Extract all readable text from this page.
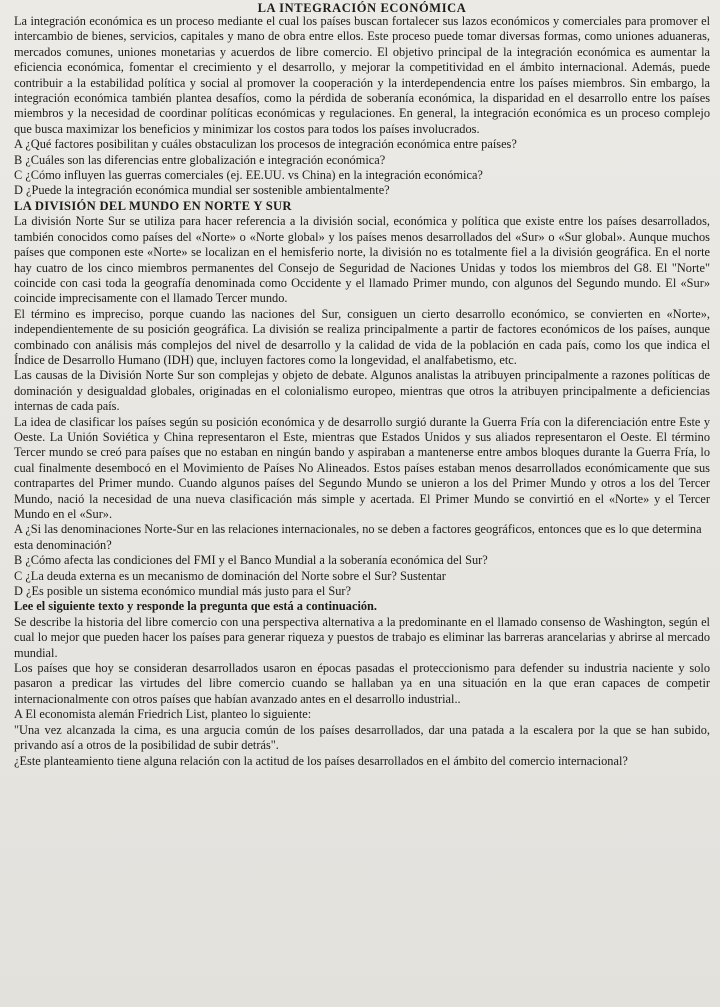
LA INTEGRACIÓN ECONÓMICA

La integración económica es un proceso mediante el cual los países buscan fortalecer sus lazos económicos y comerciales para promover el intercambio de bienes, servicios, capitales y mano de obra entre ellos. Este proceso puede tomar diversas formas, como uniones aduaneras, mercados comunes, uniones monetarias y acuerdos de libre comercio. El objetivo principal de la integración económica es aumentar la eficiencia económica, fomentar el crecimiento y el desarrollo, y mejorar la competitividad en el ámbito internacional. Además, puede contribuir a la estabilidad política y social al promover la cooperación y la interdependencia entre los países miembros. Sin embargo, la integración económica también plantea desafíos, como la pérdida de soberanía económica, la disparidad en el desarrollo entre los países miembros y la necesidad de coordinar políticas económicas y regulaciones. En general, la integración económica es un proceso complejo que busca maximizar los beneficios y minimizar los costos para todos los países involucrados.

A ¿Qué factores posibilitan y cuáles obstaculizan los procesos de integración económica entre países?
B ¿Cuáles son las diferencias entre globalización e integración económica?
C ¿Cómo influyen las guerras comerciales (ej. EE.UU. vs China) en la integración económica?
D ¿Puede la integración económica mundial ser sostenible ambientalmente?
LA DIVISIÓN DEL MUNDO EN NORTE Y SUR

La división Norte Sur se utiliza para hacer referencia a la división social, económica y política que existe entre los países desarrollados, también conocidos como países del «Norte» o «Norte global» y los países menos desarrollados del «Sur» o «Sur global». Aunque muchos países que componen este «Norte» se localizan en el hemisferio norte, la división no es totalmente fiel a la división geográfica. En el norte hay cuatro de los cinco miembros permanentes del Consejo de Seguridad de Naciones Unidas y todos los miembros del G8. El "Norte" coincide con casi toda la geografía denominada como Occidente y el llamado Primer mundo, con algunos del Segundo mundo. El «Sur» coincide imprecisamente con el llamado Tercer mundo.

El término es impreciso, porque cuando las naciones del Sur, consiguen un cierto desarrollo económico, se convierten en «Norte», independientemente de su posición geográfica. La división se realiza principalmente a partir de factores económicos de los países, aunque combinado con análisis más complejos del nivel de desarrollo y la calidad de vida de la población en cada país, como los que indica el Índice de Desarrollo Humano (IDH) que, incluyen factores como la longevidad, el analfabetismo, etc.

Las causas de la División Norte Sur son complejas y objeto de debate. Algunos analistas la atribuyen principalmente a razones políticas de dominación y desigualdad globales, originadas en el colonialismo europeo, mientras que otros la atribuyen principalmente a deficiencias internas de cada país.

La idea de clasificar los países según su posición económica y de desarrollo surgió durante la Guerra Fría con la diferenciación entre Este y Oeste. La Unión Soviética y China representaron el Este, mientras que Estados Unidos y sus aliados representaron el Oeste. El término Tercer mundo se creó para países que no estaban en ningún bando y aspiraban a mantenerse entre ambos bloques durante la Guerra Fría, lo cual finalmente desembocó en el Movimiento de Países No Alineados. Estos países estaban menos desarrollados económicamente que sus contrapartes del Primer mundo. Cuando algunos países del Segundo Mundo se unieron a los del Primer Mundo y otros a los del Tercer Mundo, nació la necesidad de una nueva clasificación más simple y acertada. El Primer Mundo se convirtió en el «Norte» y el Tercer Mundo en el «Sur».

A ¿Si las denominaciones Norte-Sur en las relaciones internacionales, no se deben a factores geográficos, entonces que es lo que determina esta denominación?
B ¿Cómo afecta las condiciones del FMI y el Banco Mundial a la soberanía económica del Sur?
C ¿La deuda externa es un mecanismo de dominación del Norte sobre el Sur? Sustentar
D ¿Es posible un sistema económico mundial más justo para el Sur?
Lee el siguiente texto y responde la pregunta que está a continuación.

Se describe la historia del libre comercio con una perspectiva alternativa a la predominante en el llamado consenso de Washington, según el cual lo mejor que pueden hacer los países para generar riqueza y puestos de trabajo es eliminar las barreras arancelarias y abrirse al mercado mundial.

Los países que hoy se consideran desarrollados usaron en épocas pasadas el proteccionismo para defender su industria naciente y solo pasaron a predicar las virtudes del libre comercio cuando se hallaban ya en una situación en la que eran capaces de competir internacionalmente con otros países que habían avanzado antes en el desarrollo industrial..

A El economista alemán Friedrich List, planteo lo siguiente:

"Una vez alcanzada la cima, es una argucia común de los países desarrollados, dar una patada a la escalera por la que se han subido, privando así a otros de la posibilidad de subir detrás".

¿Este planteamiento tiene alguna relación con la actitud de los países desarrollados en el ámbito del comercio internacional?
